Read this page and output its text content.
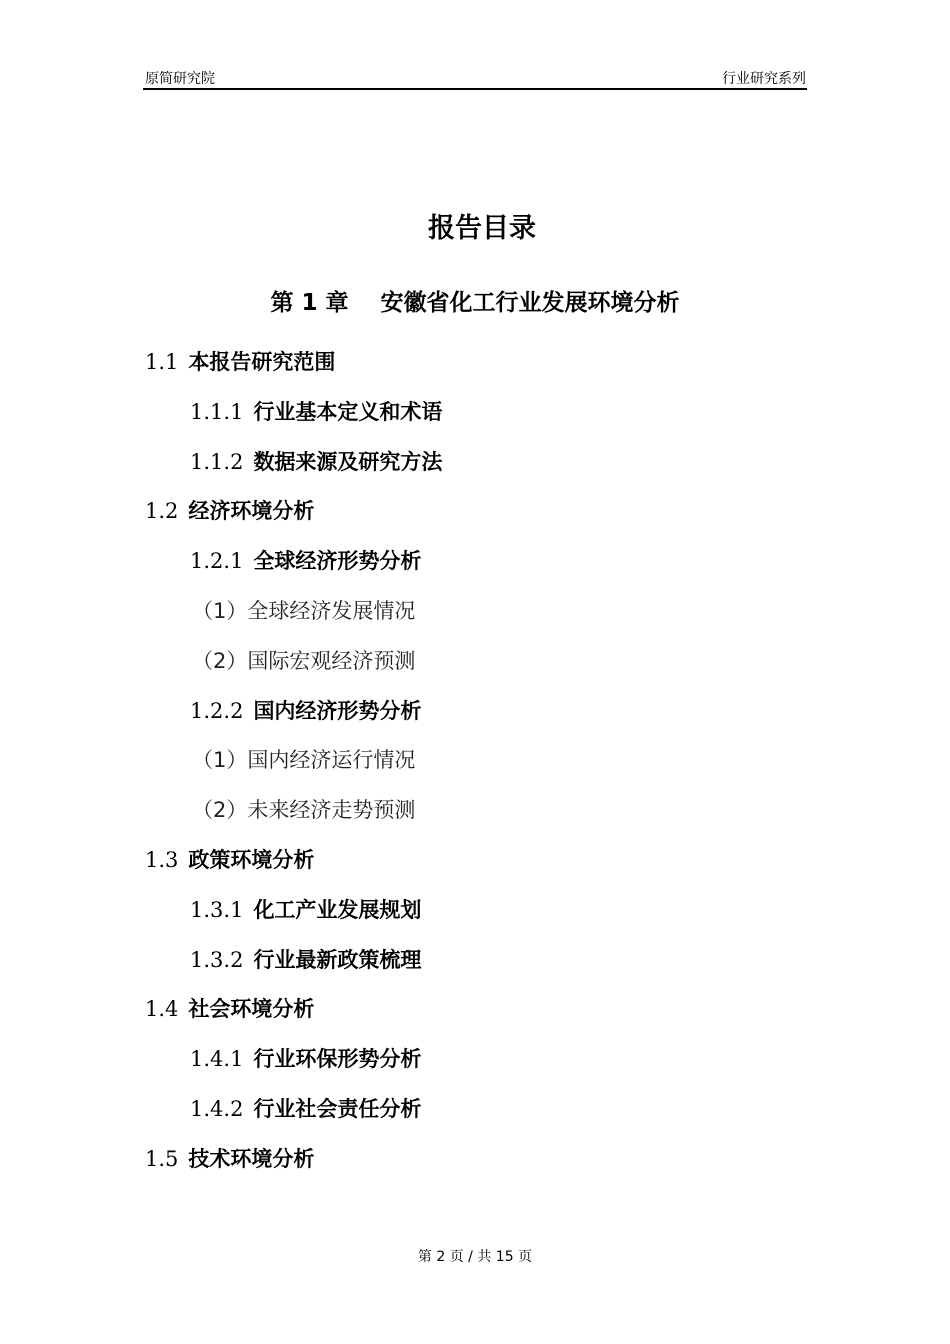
原简研究院	行业研究系列
报告目录
第 1 章 安徽省化工行业发展环境分析
1.1 本报告研究范围
1.1.1 行业基本定义和术语
1.1.2 数据来源及研究方法
1.2 经济环境分析
1.2.1 全球经济形势分析
（1）全球经济发展情况
（2）国际宏观经济预测
1.2.2 国内经济形势分析
（1）国内经济运行情况
（2）未来经济走势预测
1.3 政策环境分析
1.3.1 化工产业发展规划
1.3.2 行业最新政策梳理
1.4 社会环境分析
1.4.1 行业环保形势分析
1.4.2 行业社会责任分析
1.5 技术环境分析
第 2 页 / 共 15 页
